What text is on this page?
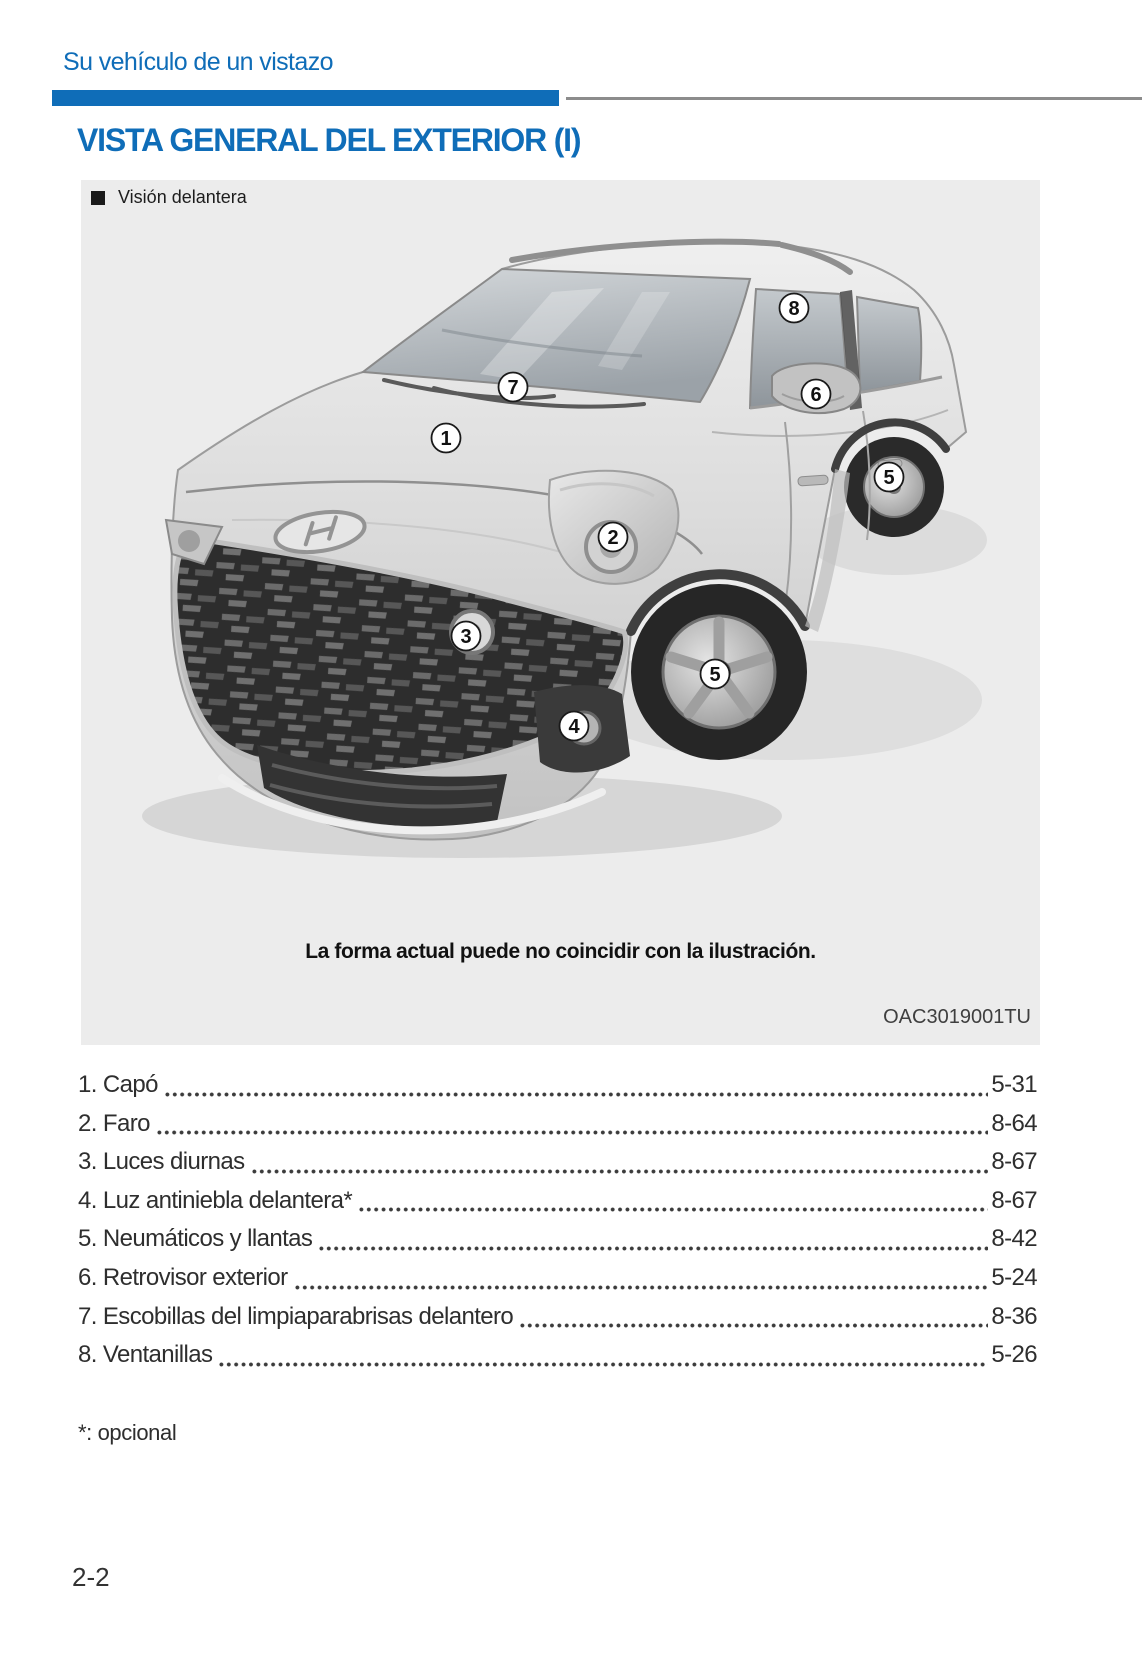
Su vehículo de un vistazo
VISTA GENERAL DEL EXTERIOR (I)
Visión delantera
1
2
3
4
5
5
6
7
8
La forma actual puede no coincidir con la ilustración.
OAC3019001TU
1. Capó	5-31
2. Faro	8-64
3. Luces diurnas	8-67
4. Luz antiniebla delantera*	8-67
5. Neumáticos y llantas	8-42
6. Retrovisor exterior	5-24
7. Escobillas del limpiaparabrisas delantero	8-36
8. Ventanillas	5-26
*: opcional
2-2
